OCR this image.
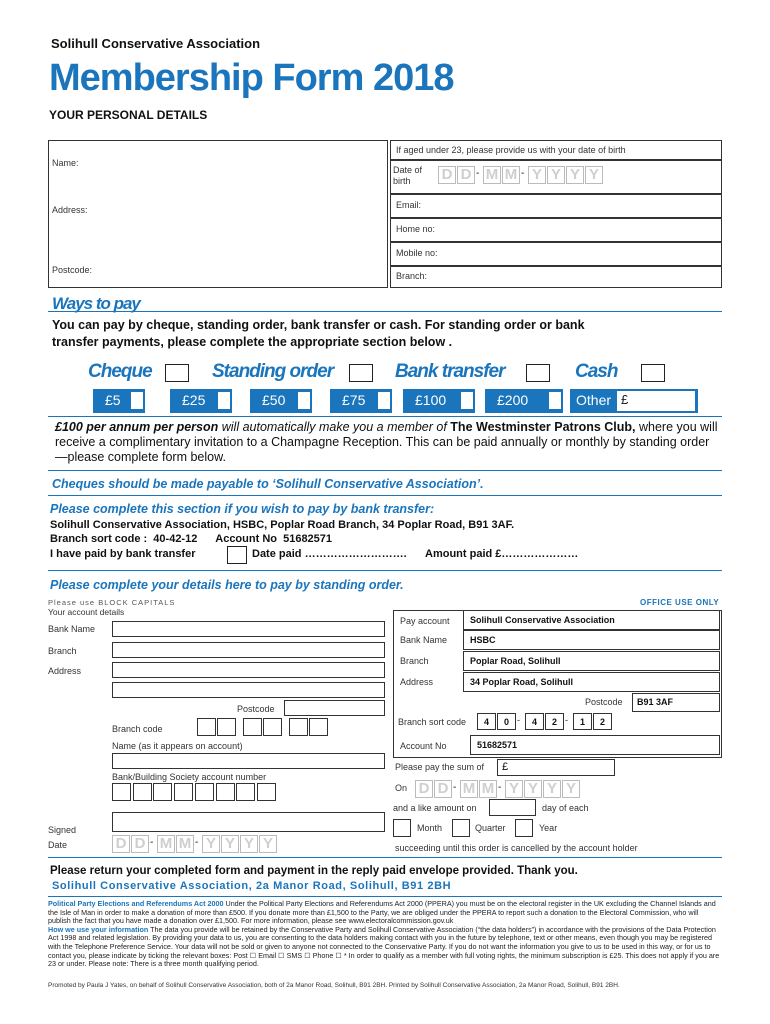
Solihull Conservative Association
Membership Form 2018
YOUR PERSONAL DETAILS
Name:
Address:
Postcode:
If aged under 23, please provide us with your date of birth
Date of
birth D D - M M - Y Y Y Y
Email:
Home no:
Mobile no:
Branch:
Ways to pay
You can pay by cheque, standing order, bank transfer or cash. For standing order or bank
transfer payments, please complete the appropriate section below .
Cheque	Standing order	Bank transfer	Cash
£5	£25	£50	£75	£100	£200	Other £
£100 per annum per person will automatically make you a member of The Westminster Patrons Club, where you will receive a complimentary invitation to a Champagne Reception. This can be paid annually or monthly by standing order—please complete form below.
Cheques should be made payable to ‘Solihull Conservative Association’.
Please complete this section if you wish to pay by bank transfer:
Solihull Conservative Association, HSBC, Poplar Road Branch, 34 Poplar Road, B91 3AF.
Branch sort code :  40-42-12      Account No  51682571
I have paid by bank transfer	Date paid ………………………. Amount paid £…………………
Please complete your details here to pay by standing order.
Please use BLOCK CAPITALS
Your account details
Bank Name
Branch
Address
Postcode
Branch code
Name (as it appears on account)
Bank/Building Society account number
Signed
Date	D D - M M - Y Y Y Y
OFFICE USE ONLY
Pay account	Solihull Conservative Association
Bank Name	HSBC
Branch	Poplar Road, Solihull
Address	34 Poplar Road, Solihull
Postcode	B91 3AF
Branch sort code	4	0 -	4	2 -	1	2
Account No	51682571
Please pay the sum of	£
On D D - M M - Y Y Y Y
and a like amount on	day of each
Month	Quarter	Year
succeeding until this order is cancelled by the account holder
Please return your completed form and payment in the reply paid envelope provided. Thank you.
Solihull Conservative Association, 2a Manor Road, Solihull, B91 2BH
Political Party Elections and Referendums Act 2000 Under the Political Party Elections and Referendums Act 2000 (PPERA) you must be on the electoral register in the UK excluding the Channel Islands and the Isle of Man in order to make a donation of more than £500. If you donate more than £1,500 to the Party, we are obliged under the PPERA to report such a donation to the Electoral Commission, who will publish the fact that you have made a donation over £1,500. For more information, please see www.electoralcommission.gov.uk
How we use your information The data you provide will be retained by the Conservative Party and Solihull Conservative Association (“the data holders”) in accordance with the provisions of the Data Protection Act 1998 and related legislation. By providing your data to us, you are consenting to the data holders making contact with you in the future by telephone, text or other means, even though you may be registered with the Telephone Preference Service. Your data will not be sold or given to anyone not connected to the Conservative Party. If you do not want the information you give to us to be used in this way, or for us to contact you, please indicate by ticking the relevant boxes: Post ☐ Email ☐ SMS ☐ Phone ☐ * In order to qualify as a member with full voting rights, the minimum subscription is £25. This does not apply if you are 23 or under. Please note: There is a three month qualifying period.
Promoted by Paula J Yates, on behalf of Solihull Conservative Association, both of 2a Manor Road, Solihull, B91 2BH. Printed by Solihull Conservative Association, 2a Manor Road, Solihull, B91 2BH.
